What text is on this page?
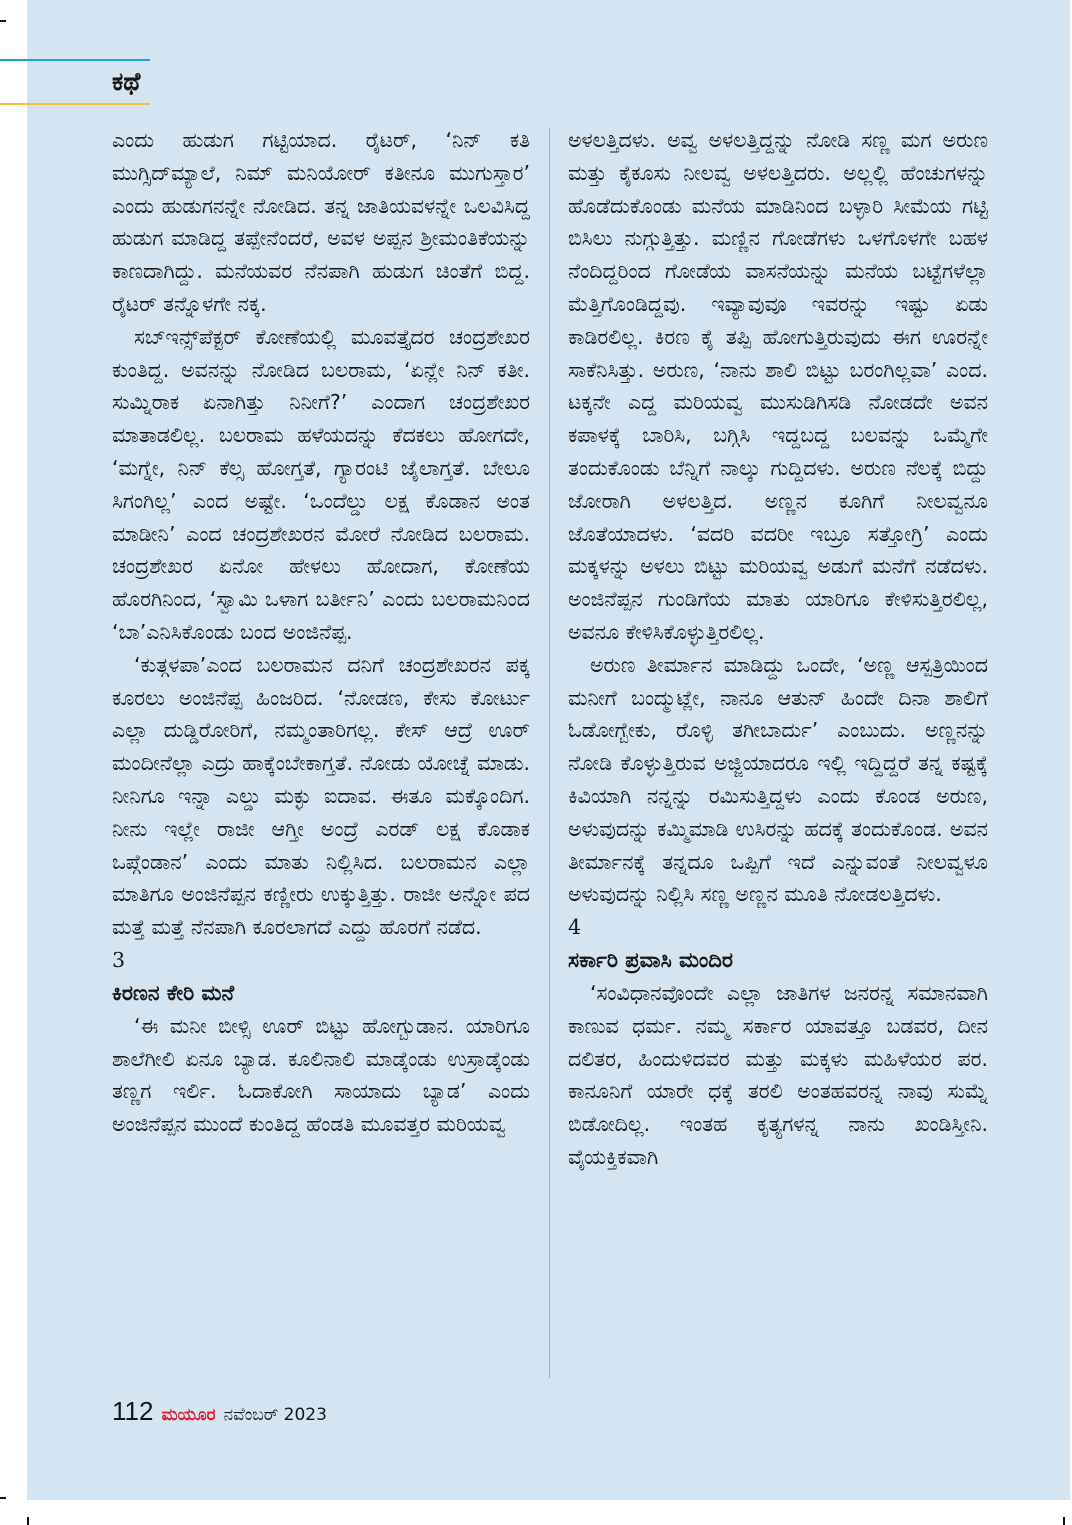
ಕಥೆ

ಎಂದು ಹುಡುಗ ಗಟ್ಟಿಯಾದ. ರೈಟರ್, ‘ನಿನ್ ಕತಿ ಮುಗ್ಸಿದ್‌ಮ್ಯಾಲೆ, ನಿಮ್ ಮನಿಯೋರ್ ಕತೀನೂ ಮುಗುಸ್ತಾರ’ ಎಂದು ಹುಡುಗನನ್ನೇ ನೋಡಿದ. ತನ್ನ ಜಾತಿಯವಳನ್ನೇ ಒಲವಿಸಿದ್ದ ಹುಡುಗ ಮಾಡಿದ್ದ ತಪ್ಪೇನೆಂದರೆ, ಅವಳ ಅಪ್ಪನ ಶ್ರೀಮಂತಿಕೆಯನ್ನು ಕಾಣದಾಗಿದ್ದು. ಮನೆಯವರ ನೆನಪಾಗಿ ಹುಡುಗ ಚಿಂತೆಗೆ ಬಿದ್ದ. ರೈಟರ್ ತನ್ನೊಳಗೇ ನಕ್ಕ.

ಸಬ್‌ಇನ್ಸ್‌ಪೆಕ್ಟರ್ ಕೋಣೆಯಲ್ಲಿ ಮೂವತ್ತೈದರ ಚಂದ್ರಶೇಖರ ಕುಂತಿದ್ದ. ಅವನನ್ನು ನೋಡಿದ ಬಲರಾಮ, ‘ಏನ್ಲೇ ನಿನ್ ಕತೀ. ಸುಮ್ನಿರಾಕ ಏನಾಗಿತ್ತು ನಿನೀಗೆ?’ ಎಂದಾಗ ಚಂದ್ರಶೇಖರ ಮಾತಾಡಲಿಲ್ಲ. ಬಲರಾಮ ಹಳೆಯದನ್ನು ಕೆದಕಲು ಹೋಗದೇ, ‘ಮಗ್ನೇ, ನಿನ್ ಕೆಲ್ಸ ಹೋಗ್ತತೆ, ಗ್ಯಾರಂಟಿ ಜೈಲಾಗ್ತತೆ. ಬೇಲೂ ಸಿಗಂಗಿಲ್ಲ’ ಎಂದ ಅಷ್ಟೇ. ‘ಒಂದೆಲ್ಡು ಲಕ್ಷ ಕೊಡಾನ ಅಂತ ಮಾಡೀನಿ’ ಎಂದ ಚಂದ್ರಶೇಖರನ ಮೋರೆ ನೋಡಿದ ಬಲರಾಮ. ಚಂದ್ರಶೇಖರ ಏನೋ ಹೇಳಲು ಹೋದಾಗ, ಕೋಣೆಯ ಹೊರಗಿನಿಂದ, ‘ಸ್ವಾಮಿ ಒಳಾಗ ಬರ್ತೀನಿ’ ಎಂದು ಬಲರಾಮನಿಂದ ‘ಬಾ’ಎನಿಸಿಕೊಂಡು ಬಂದ ಅಂಜಿನೆಪ್ಪ.

‘ಕುತ್ಗಳಪಾ’ಎಂದ ಬಲರಾಮನ ದನಿಗೆ ಚಂದ್ರಶೇಖರನ ಪಕ್ಕ ಕೂರಲು ಅಂಜಿನೆಪ್ಪ ಹಿಂಜರಿದ. ‘ನೋಡಣ, ಕೇಸು ಕೋರ್ಟು ಎಲ್ಲಾ ದುಡ್ಡಿರೋರಿಗೆ, ನಮ್ಮಂತಾರಿಗಲ್ಲ. ಕೇಸ್ ಆದ್ರೆ ಊರ್ ಮಂದೀನೆಲ್ಲಾ ಎದ್ರು ಹಾಕ್ಕೆಂಬೇಕಾಗ್ತತೆ. ನೋಡು ಯೋಚ್ನೆ ಮಾಡು. ನೀನಿಗೂ ಇನ್ನಾ ಎಲ್ಡು ಮಕ್ಳು ಐದಾವ. ಈತೂ ಮಕ್ಕೊಂದಿಗ. ನೀನು ಇಲ್ಲೇ ರಾಜೀ ಆಗ್ತೀ ಅಂದ್ರೆ ಎರಡ್ ಲಕ್ಷ ಕೊಡಾಕ ಒಪ್ಗೆಂಡಾನ’ ಎಂದು ಮಾತು ನಿಲ್ಲಿಸಿದ. ಬಲರಾಮನ ಎಲ್ಲಾ ಮಾತಿಗೂ ಅಂಜಿನೆಪ್ಪನ ಕಣ್ಣೀರು ಉಕ್ಕುತ್ತಿತ್ತು. ರಾಜೀ ಅನ್ನೋ ಪದ ಮತ್ತೆ ಮತ್ತೆ ನೆನಪಾಗಿ ಕೂರಲಾಗದೆ ಎದ್ದು ಹೊರಗೆ ನಡೆದ.

3

ಕಿರಣನ ಕೇರಿ ಮನೆ

‘ಈ ಮನೀ ಬೀಳ್ಸಿ ಊರ್ ಬಿಟ್ಟು ಹೋಗ್ಬುಡಾನ. ಯಾರಿಗೂ ಶಾಲೆಗೀಲಿ ಏನೂ ಬ್ಯಾಡ. ಕೂಲಿನಾಲಿ ಮಾಡ್ಕೆಂಡು ಉಸ್ರಾಡ್ಕೆಂಡು ತಣ್ಣಗ ಇರ್ಲಿ. ಓದಾಕೋಗಿ ಸಾಯಾದು ಬ್ಯಾಡ’ ಎಂದು ಅಂಜಿನೆಪ್ಪನ ಮುಂದೆ ಕುಂತಿದ್ದ ಹೆಂಡತಿ ಮೂವತ್ತರ ಮರಿಯವ್ವ

ಅಳಲತ್ತಿದಳು. ಅವ್ವ ಅಳಲತ್ತಿದ್ದನ್ನು ನೋಡಿ ಸಣ್ಣ ಮಗ ಅರುಣ ಮತ್ತು ಕೈಕೂಸು ನೀಲವ್ವ ಅಳಲತ್ತಿದರು. ಅಲ್ಲಲ್ಲಿ ಹೆಂಚುಗಳನ್ನು ಹೊಡೆದುಕೊಂಡು ಮನೆಯ ಮಾಡಿನಿಂದ ಬಳ್ಳಾರಿ ಸೀಮೆಯ ಗಟ್ಟಿ ಬಿಸಿಲು ನುಗ್ಗುತ್ತಿತ್ತು. ಮಣ್ಣಿನ ಗೋಡೆಗಳು ಒಳಗೊಳಗೇ ಬಹಳ ನೆಂದಿದ್ದರಿಂದ ಗೋಡೆಯ ವಾಸನೆಯನ್ನು ಮನೆಯ ಬಟ್ಟೆಗಳೆಲ್ಲಾ ಮೆತ್ತಿಗೊಂಡಿದ್ದವು. ಇವ್ಯಾವುವೂ ಇವರನ್ನು ಇಷ್ಟು ಏಡು ಕಾಡಿರಲಿಲ್ಲ. ಕಿರಣ ಕೈ ತಪ್ಪಿ ಹೋಗುತ್ತಿರುವುದು ಈಗ ಊರನ್ನೇ ಸಾಕೆನಿಸಿತ್ತು. ಅರುಣ, ‘ನಾನು ಶಾಲಿ ಬಿಟ್ಟು ಬರಂಗಿಲ್ಲವಾ’ ಎಂದ. ಟಕ್ಕನೇ ಎದ್ದ ಮರಿಯವ್ವ ಮುಸುಡಿಗಿಸಡಿ ನೋಡದೇ ಅವನ ಕಪಾಳಕ್ಕೆ ಬಾರಿಸಿ, ಬಗ್ಗಿಸಿ ಇದ್ದಬದ್ದ ಬಲವನ್ನು ಒಮ್ಮೆಗೇ ತಂದುಕೊಂಡು ಬೆನ್ನಿಗೆ ನಾಲ್ಕು ಗುದ್ದಿದಳು. ಅರುಣ ನೆಲಕ್ಕೆ ಬಿದ್ದು ಜೋರಾಗಿ ಅಳಲತ್ತಿದ. ಅಣ್ಣನ ಕೂಗಿಗೆ ನೀಲವ್ವನೂ ಜೊತೆಯಾದಳು. ‘ವದರಿ ವದರೀ ಇಬ್ರೂ ಸತ್ತೋಗ್ರಿ’ ಎಂದು ಮಕ್ಕಳನ್ನು ಅಳಲು ಬಿಟ್ಟು ಮರಿಯವ್ವ ಅಡುಗೆ ಮನೆಗೆ ನಡೆದಳು. ಅಂಜಿನೆಪ್ಪನ ಗುಂಡಿಗೆಯ ಮಾತು ಯಾರಿಗೂ ಕೇಳಿಸುತ್ತಿರಲಿಲ್ಲ, ಅವನೂ ಕೇಳಿಸಿಕೊಳ್ಳುತ್ತಿರಲಿಲ್ಲ.

ಅರುಣ ತೀರ್ಮಾನ ಮಾಡಿದ್ದು ಒಂದೇ, ‘ಅಣ್ಣ ಆಸ್ಪತ್ರಿಯಿಂದ ಮನೀಗೆ ಬಂದ್ಮುಟ್ಲೇ, ನಾನೂ ಆತುನ್ ಹಿಂದೇ ದಿನಾ ಶಾಲಿಗೆ ಓಡೋಗ್ಬೇಕು, ರೊಳ್ಳಿ ತಗೀಬಾರ್ದು’ ಎಂಬುದು. ಅಣ್ಣನನ್ನು ನೋಡಿ ಕೊಳ್ಳುತ್ತಿರುವ ಅಜ್ಜಿಯಾದರೂ ಇಲ್ಲಿ ಇದ್ದಿದ್ದರೆ ತನ್ನ ಕಷ್ಟಕ್ಕೆ ಕಿವಿಯಾಗಿ ನನ್ನನ್ನು ರಮಿಸುತ್ತಿದ್ದಳು ಎಂದು ಕೊಂಡ ಅರುಣ, ಅಳುವುದನ್ನು ಕಮ್ಮಿಮಾಡಿ ಉಸಿರನ್ನು ಹದಕ್ಕೆ ತಂದುಕೊಂಡ. ಅವನ ತೀರ್ಮಾನಕ್ಕೆ ತನ್ನದೂ ಒಪ್ಪಿಗೆ ಇದೆ ಎನ್ನುವಂತೆ ನೀಲವ್ವಳೂ ಅಳುವುದನ್ನು ನಿಲ್ಲಿಸಿ ಸಣ್ಣ ಅಣ್ಣನ ಮೂತಿ ನೋಡಲತ್ತಿದಳು.

4

ಸರ್ಕಾರಿ ಪ್ರವಾಸಿ ಮಂದಿರ

‘ಸಂವಿಧಾನವೊಂದೇ ಎಲ್ಲಾ ಜಾತಿಗಳ ಜನರನ್ನ ಸಮಾನವಾಗಿ ಕಾಣುವ ಧರ್ಮ. ನಮ್ಮ ಸರ್ಕಾರ ಯಾವತ್ತೂ ಬಡವರ, ದೀನ ದಲಿತರ, ಹಿಂದುಳಿದವರ ಮತ್ತು ಮಕ್ಕಳು ಮಹಿಳೆಯರ ಪರ. ಕಾನೂನಿಗೆ ಯಾರೇ ಧಕ್ಕೆ ತರಲಿ ಅಂತಹವರನ್ನ ನಾವು ಸುಮ್ನೆ ಬಿಡೋದಿಲ್ಲ. ಇಂತಹ ಕೃತ್ಯಗಳನ್ನ ನಾನು ಖಂಡಿಸ್ತೀನಿ. ವೈಯಕ್ತಿಕವಾಗಿ

112 ಮಯೂರ ನವೆಂಬರ್ 2023
